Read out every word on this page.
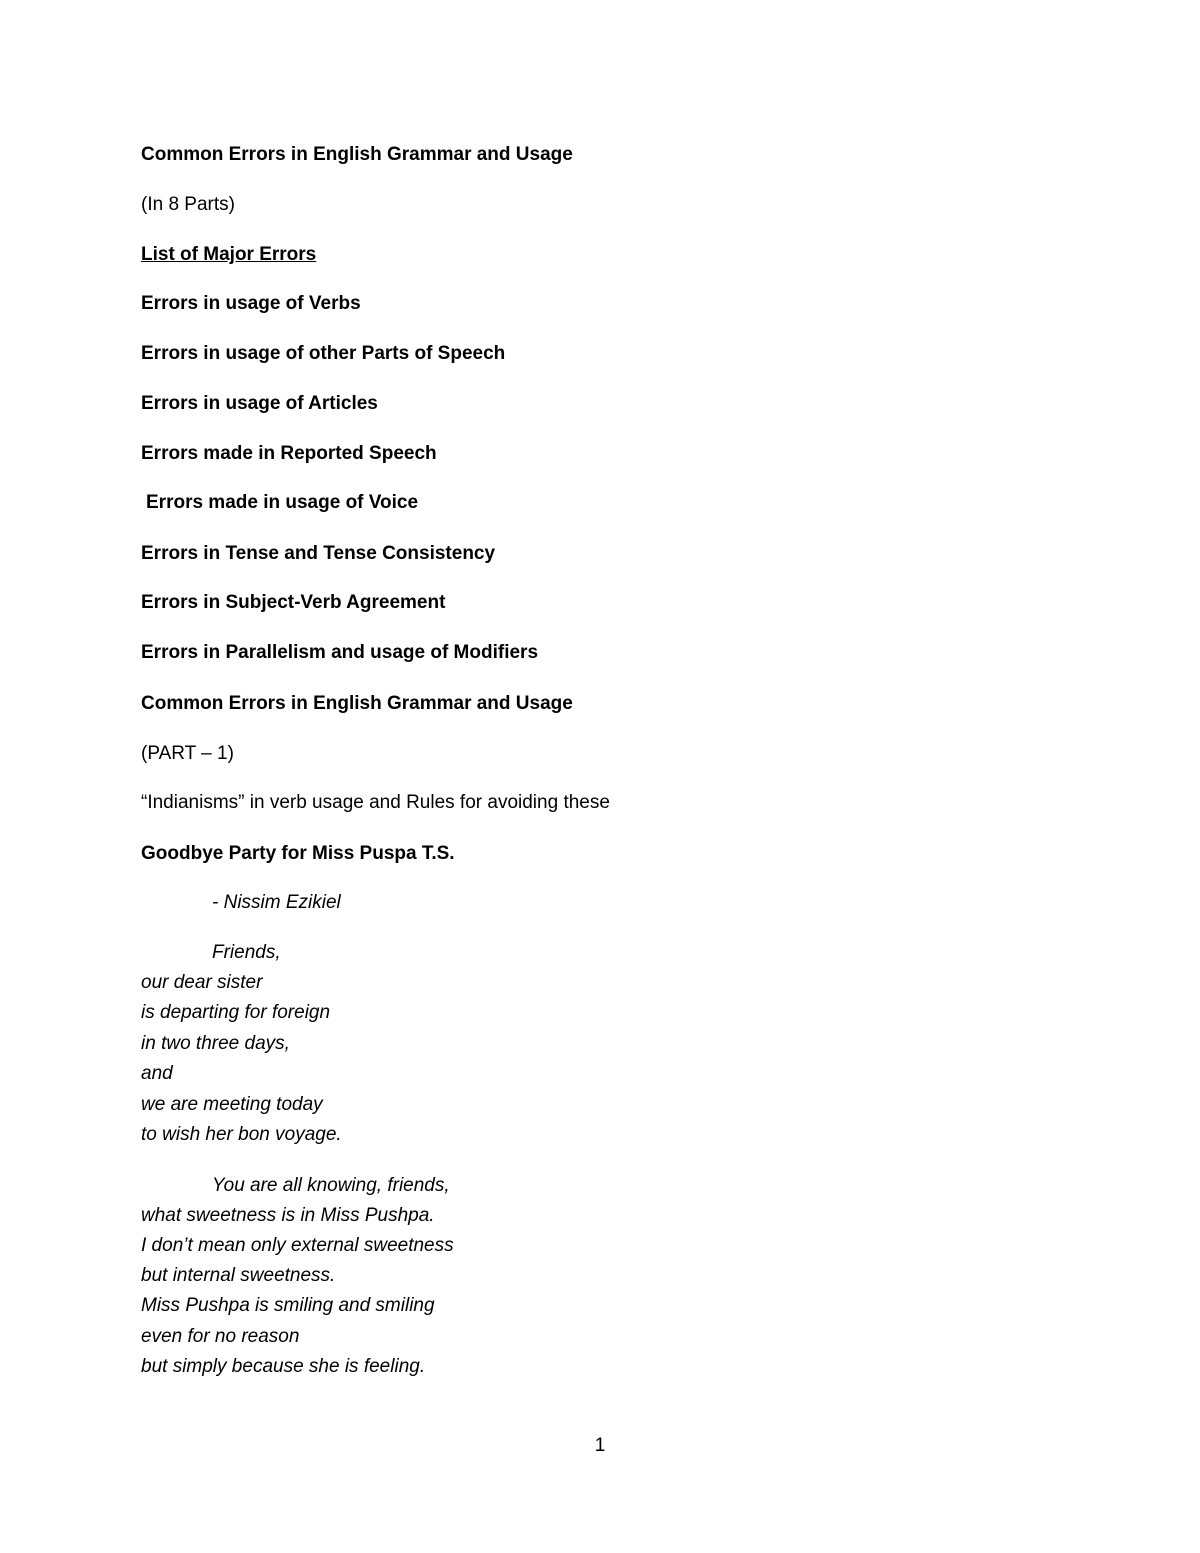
Common Errors in English Grammar and Usage
(In 8 Parts)
List of Major Errors
Errors in usage of Verbs
Errors in usage of other Parts of Speech
Errors in usage of Articles
Errors made in Reported Speech
Errors made in usage of Voice
Errors in Tense and Tense Consistency
Errors in Subject-Verb Agreement
Errors in Parallelism and usage of Modifiers
Common Errors in English Grammar and Usage
(PART – 1)
“Indianisms” in verb usage and Rules for avoiding these
Goodbye Party for Miss Puspa T.S.
- Nissim Ezikiel
Friends,
our dear sister
is departing for foreign
in two three days,
and
we are meeting today
to wish her bon voyage.
You are all knowing, friends,
what sweetness is in Miss Pushpa.
I don’t mean only external sweetness
but internal sweetness.
Miss Pushpa is smiling and smiling
even for no reason
but simply because she is feeling.
1
